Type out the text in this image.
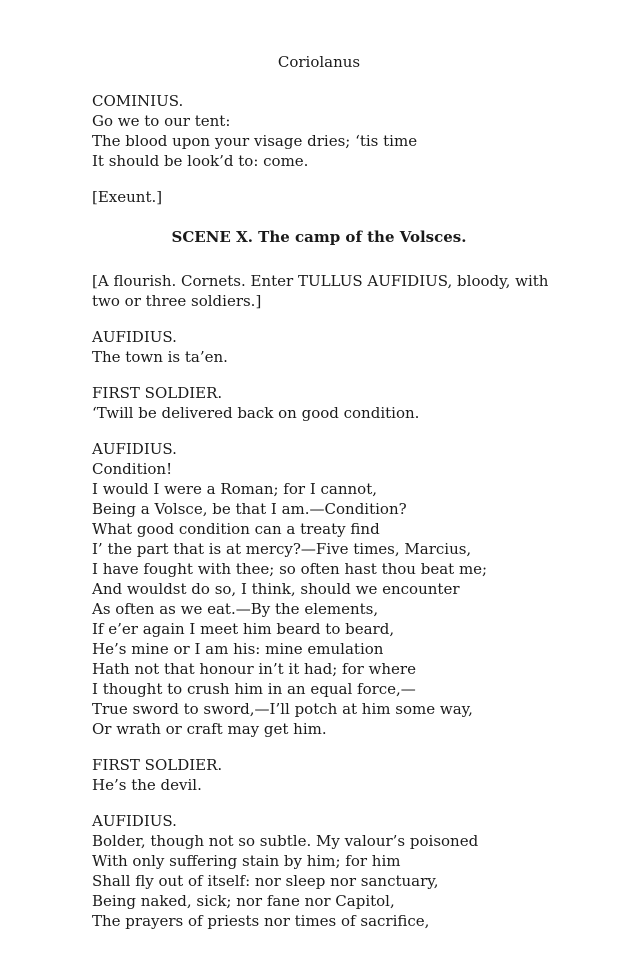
Coriolanus
COMINIUS.
Go we to our tent:
The blood upon your visage dries; ‘tis time
It should be look’d to: come.
[Exeunt.]
SCENE X. The camp of the Volsces.
[A flourish. Cornets. Enter TULLUS AUFIDIUS, bloody, with two or three soldiers.]
AUFIDIUS.
The town is ta’en.
FIRST SOLDIER.
‘Twill be delivered back on good condition.
AUFIDIUS.
Condition!
I would I were a Roman; for I cannot,
Being a Volsce, be that I am.—Condition?
What good condition can a treaty find
I’ the part that is at mercy?—Five times, Marcius,
I have fought with thee; so often hast thou beat me;
And wouldst do so, I think, should we encounter
As often as we eat.—By the elements,
If e’er again I meet him beard to beard,
He’s mine or I am his: mine emulation
Hath not that honour in’t it had; for where
I thought to crush him in an equal force,—
True sword to sword,—I’ll potch at him some way,
Or wrath or craft may get him.
FIRST SOLDIER.
He’s the devil.
AUFIDIUS.
Bolder, though not so subtle. My valour’s poisoned
With only suffering stain by him; for him
Shall fly out of itself: nor sleep nor sanctuary,
Being naked, sick; nor fane nor Capitol,
The prayers of priests nor times of sacrifice,
